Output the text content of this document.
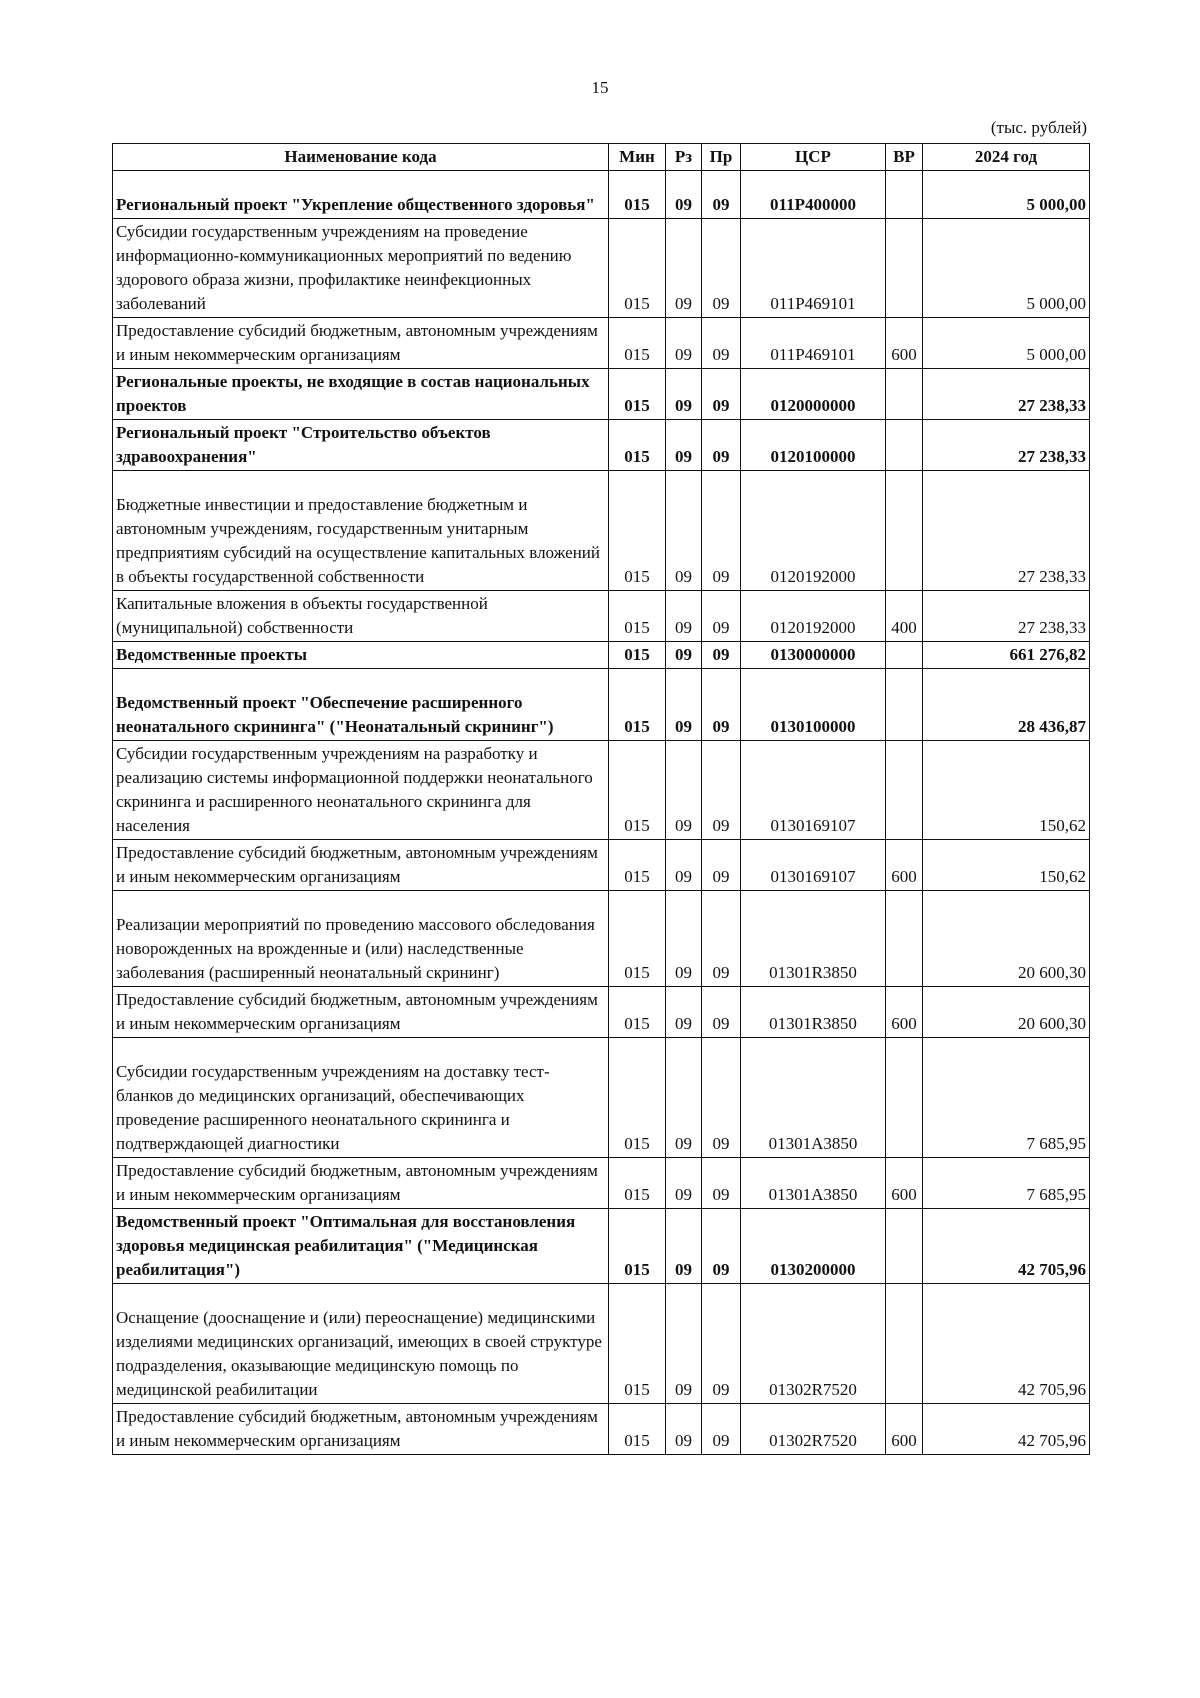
15
(тыс. рублей)
Наименование кода	Мин	Рз	Пр	ЦСР	ВР	2024 год
Региональный проект "Укрепление общественного здоровья"	015	09	09	011P400000		5 000,00
Субсидии государственным учреждениям на проведение информационно-коммуникационных мероприятий по ведению здорового образа жизни, профилактике неинфекционных заболеваний	015	09	09	011P469101		5 000,00
Предоставление субсидий бюджетным, автономным учреждениям и иным некоммерческим организациям	015	09	09	011P469101	600	5 000,00
Региональные проекты, не входящие в состав национальных проектов	015	09	09	0120000000		27 238,33
Региональный проект "Строительство объектов здравоохранения"	015	09	09	0120100000		27 238,33
Бюджетные инвестиции и предоставление бюджетным и автономным учреждениям, государственным унитарным предприятиям субсидий на осуществление капитальных вложений в объекты государственной собственности	015	09	09	0120192000		27 238,33
Капитальные вложения в объекты государственной (муниципальной) собственности	015	09	09	0120192000	400	27 238,33
Ведомственные проекты	015	09	09	0130000000		661 276,82
Ведомственный проект "Обеспечение расширенного неонатального скрининга" ("Неонатальный скрининг")	015	09	09	0130100000		28 436,87
Субсидии государственным учреждениям на разработку и реализацию системы информационной поддержки неонатального скрининга и расширенного неонатального скрининга для населения	015	09	09	0130169107		150,62
Предоставление субсидий бюджетным, автономным учреждениям и иным некоммерческим организациям	015	09	09	0130169107	600	150,62
Реализации мероприятий по проведению массового обследования новорожденных на врожденные и (или) наследственные заболевания (расширенный неонатальный скрининг)	015	09	09	01301R3850		20 600,30
Предоставление субсидий бюджетным, автономным учреждениям и иным некоммерческим организациям	015	09	09	01301R3850	600	20 600,30
Субсидии государственным учреждениям на доставку тест-бланков до медицинских организаций, обеспечивающих проведение расширенного неонатального скрининга и подтверждающей диагностики	015	09	09	01301A3850		7 685,95
Предоставление субсидий бюджетным, автономным учреждениям и иным некоммерческим организациям	015	09	09	01301A3850	600	7 685,95
Ведомственный проект "Оптимальная для восстановления здоровья медицинская реабилитация" ("Медицинская реабилитация")	015	09	09	0130200000		42 705,96
Оснащение (дооснащение и (или) переоснащение) медицинскими изделиями медицинских организаций, имеющих в своей структуре подразделения, оказывающие медицинскую помощь по медицинской реабилитации	015	09	09	01302R7520		42 705,96
Предоставление субсидий бюджетным, автономным учреждениям и иным некоммерческим организациям	015	09	09	01302R7520	600	42 705,96
